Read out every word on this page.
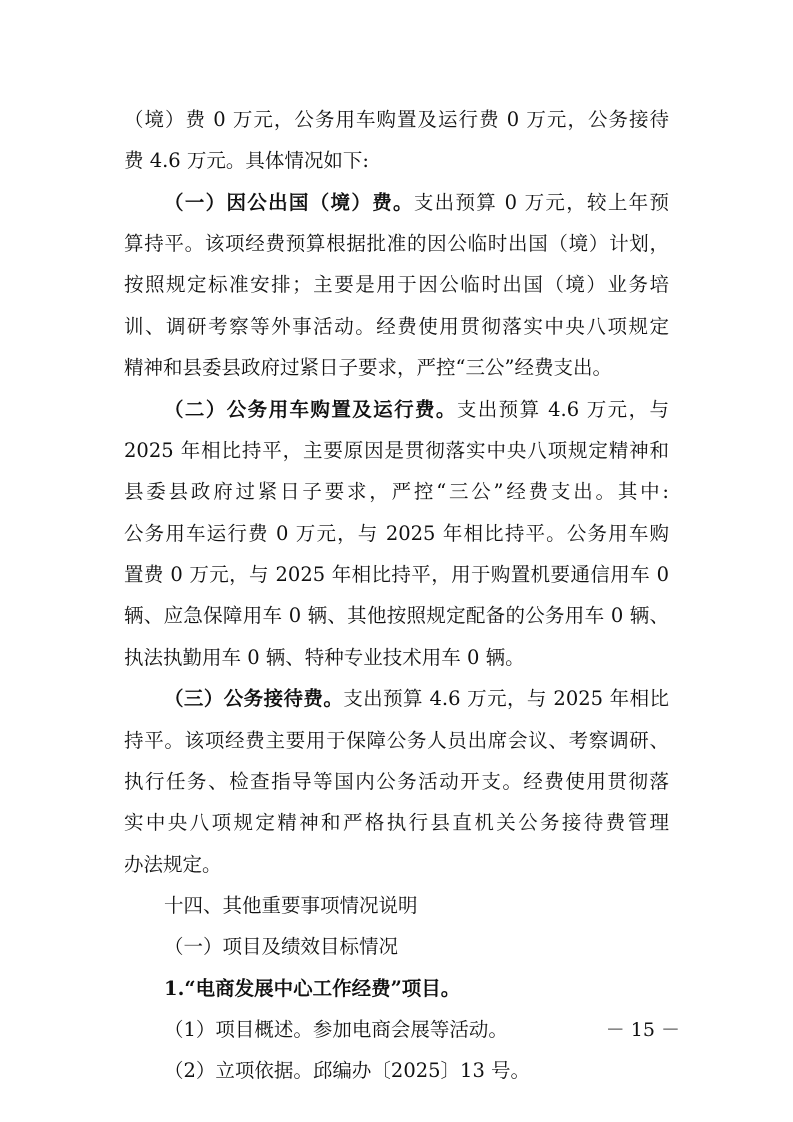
（境）费 0 万元，公务用车购置及运行费 0 万元，公务接待
费 4.6 万元。具体情况如下:
（一）因公出国（境）费。支出预算 0 万元，较上年预
算持平。该项经费预算根据批准的因公临时出国（境）计划，
按照规定标准安排；主要是用于因公临时出国（境）业务培
训、调研考察等外事活动。经费使用贯彻落实中央八项规定
精神和县委县政府过紧日子要求，严控“三公”经费支出。
（二）公务用车购置及运行费。支出预算 4.6 万元，与
2025 年相比持平，主要原因是贯彻落实中央八项规定精神和
县委县政府过紧日子要求，严控“三公”经费支出。其中:
公务用车运行费 0 万元，与 2025 年相比持平。公务用车购
置费 0 万元，与 2025 年相比持平，用于购置机要通信用车 0
辆、应急保障用车 0 辆、其他按照规定配备的公务用车 0 辆、
执法执勤用车 0 辆、特种专业技术用车 0 辆。
（三）公务接待费。支出预算 4.6 万元，与 2025 年相比
持平。该项经费主要用于保障公务人员出席会议、考察调研、
执行任务、检查指导等国内公务活动开支。经费使用贯彻落
实中央八项规定精神和严格执行县直机关公务接待费管理
办法规定。
十四、其他重要事项情况说明
（一）项目及绩效目标情况
1.“电商发展中心工作经费”项目。
（1）项目概述。参加电商会展等活动。
（2）立项依据。邱编办〔2025〕13 号。
－ 15 －
